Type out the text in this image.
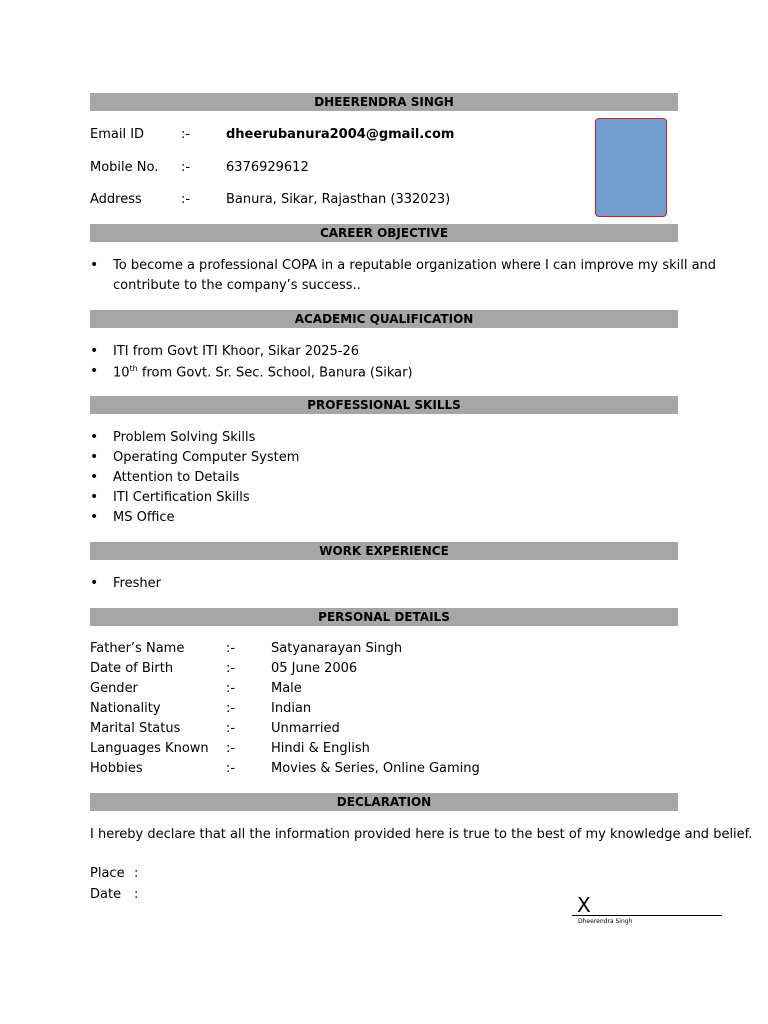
DHEERENDRA SINGH
Email ID	:-	dheerubanura2004@gmail.com
Mobile No. :-	6376929612
Address	:-	Banura, Sikar, Rajasthan (332023)
CAREER OBJECTIVE
• To become a professional COPA in a reputable organization where I can improve my skill and
contribute to the company’s success..
ACADEMIC QUALIFICATION
• ITI from Govt ITI Khoor, Sikar 2025-26
• 10th from Govt. Sr. Sec. School, Banura (Sikar)
PROFESSIONAL SKILLS
• Problem Solving Skills
• Operating Computer System
• Attention to Details
• ITI Certification Skills
• MS Office
WORK EXPERIENCE
• Fresher
PERSONAL DETAILS
Father’s Name	:-	Satyanarayan Singh
Date of Birth	:-	05 June 2006
Gender	:-	Male
Nationality	:-	Indian
Marital Status	:-	Unmarried
Languages Known :-	Hindi & English
Hobbies	:-	Movies & Series, Online Gaming
DECLARATION
I hereby declare that all the information provided here is true to the best of my knowledge and belief.
Place :
Date :	X
Dheerendra Singh
